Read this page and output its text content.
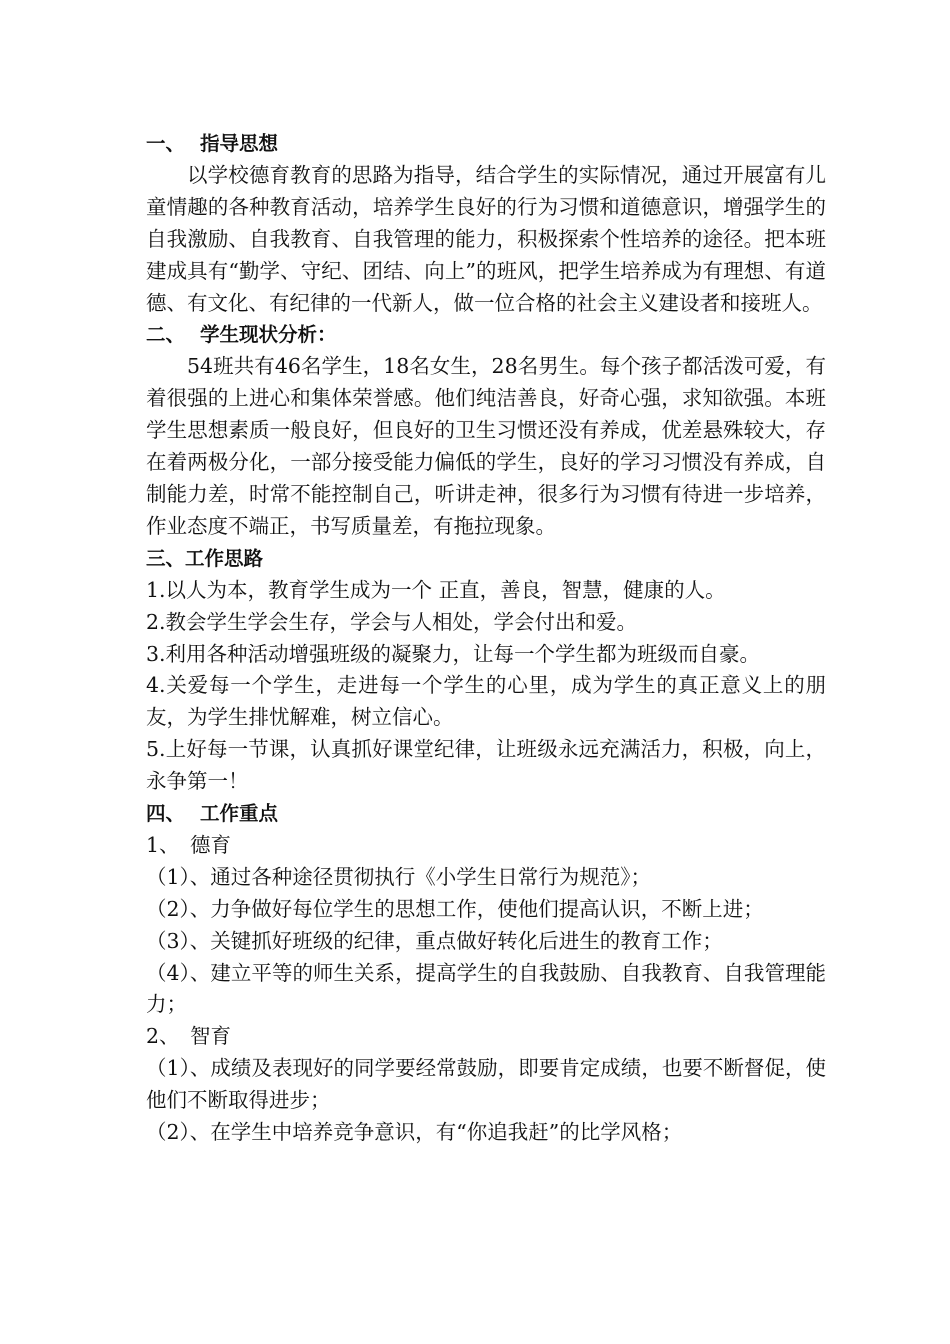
一、 指导思想
以学校德育教育的思路为指导，结合学生的实际情况，通过开展富有儿童情趣的各种教育活动，培养学生良好的行为习惯和道德意识，增强学生的自我激励、自我教育、自我管理的能力，积极探索个性培养的途径。把本班建成具有“勤学、守纪、团结、向上”的班风，把学生培养成为有理想、有道德、有文化、有纪律的一代新人，做一位合格的社会主义建设者和接班人。
二、 学生现状分析：
54班共有46名学生，18名女生，28名男生。每个孩子都活泼可爱，有着很强的上进心和集体荣誉感。他们纯洁善良，好奇心强，求知欲强。本班学生思想素质一般良好，但良好的卫生习惯还没有养成，优差悬殊较大，存在着两极分化，一部分接受能力偏低的学生，良好的学习习惯没有养成，自制能力差，时常不能控制自己，听讲走神，很多行为习惯有待进一步培养，作业态度不端正，书写质量差，有拖拉现象。
三、工作思路
1.以人为本，教育学生成为一个 正直，善良，智慧，健康的人。
2.教会学生学会生存，学会与人相处，学会付出和爱。
3.利用各种活动增强班级的凝聚力，让每一个学生都为班级而自豪。
4.关爱每一个学生，走进每一个学生的心里，成为学生的真正意义上的朋友，为学生排忧解难，树立信心。
5.上好每一节课，认真抓好课堂纪律，让班级永远充满活力，积极，向上，永争第一！
四、 工作重点
1、 德育
（1）、通过各种途径贯彻执行《小学生日常行为规范》；
（2）、力争做好每位学生的思想工作，使他们提高认识，不断上进；
（3）、关键抓好班级的纪律，重点做好转化后进生的教育工作；
（4）、建立平等的师生关系，提高学生的自我鼓励、自我教育、自我管理能力；
2、 智育
（1）、成绩及表现好的同学要经常鼓励，即要肯定成绩，也要不断督促，使他们不断取得进步；
（2）、在学生中培养竞争意识，有“你追我赶”的比学风格；
